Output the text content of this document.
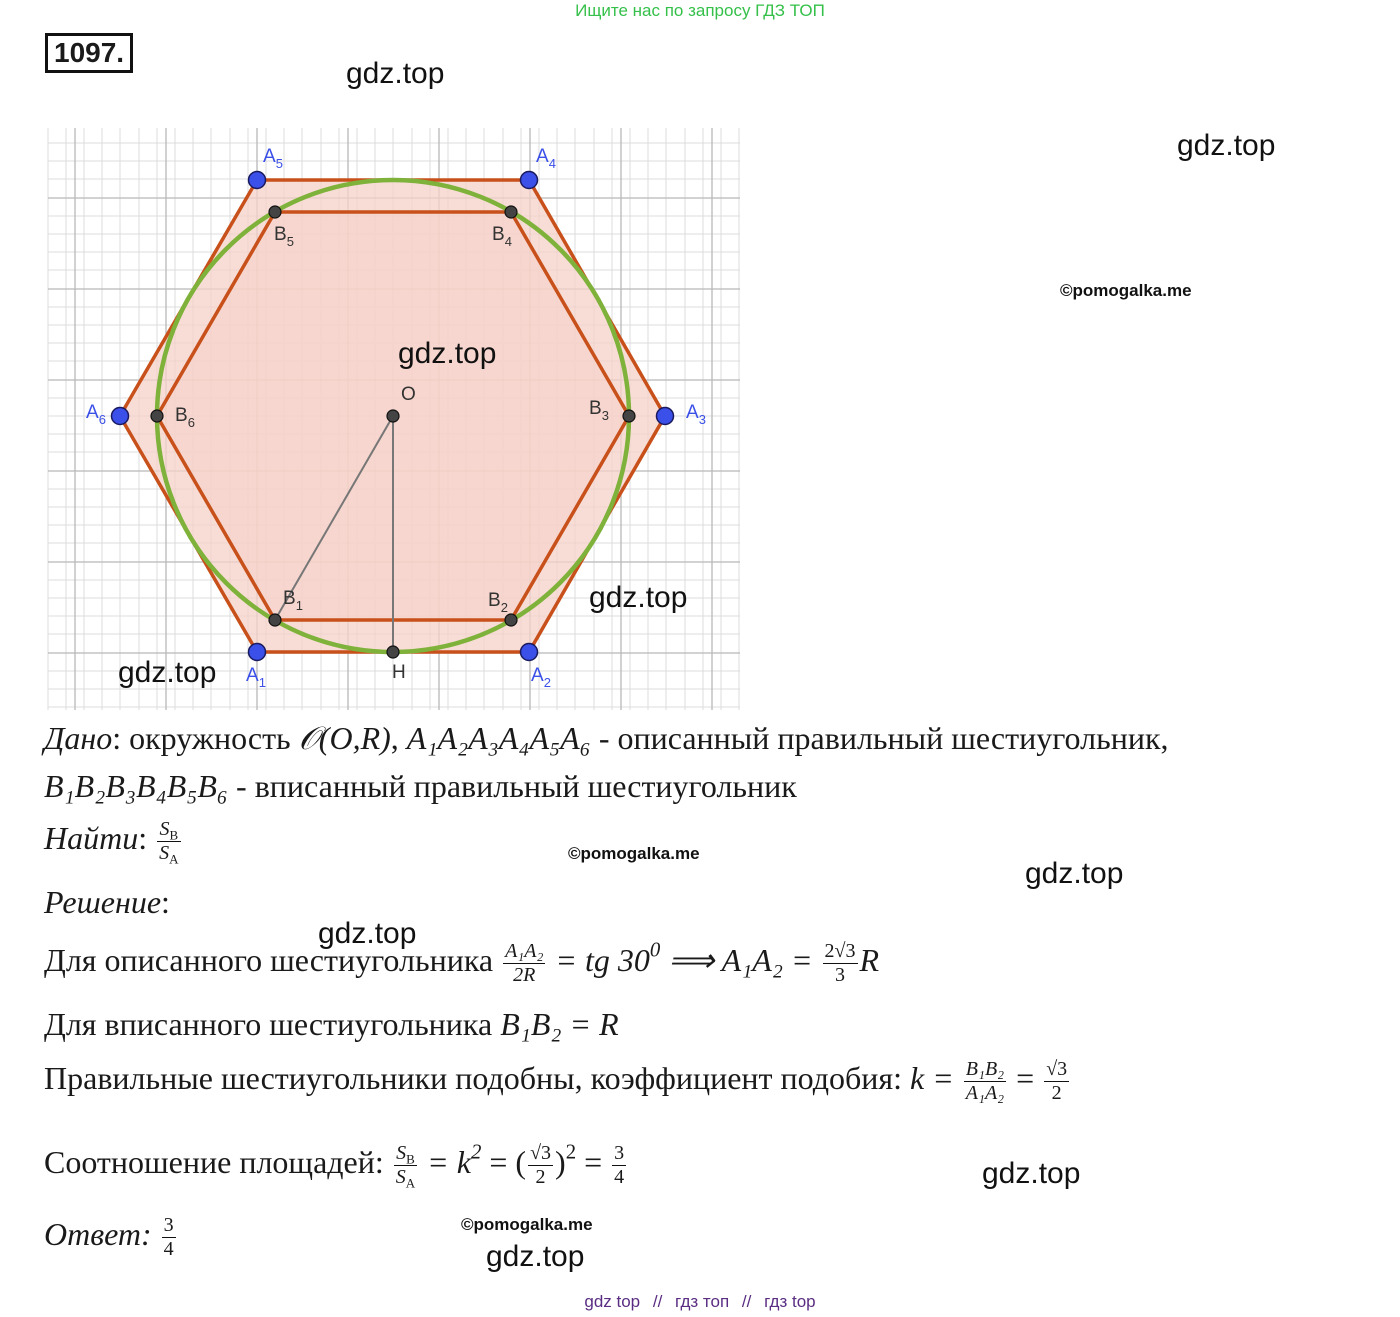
Ищите нас по запросу ГДЗ ТОП
1097.
gdz.top
gdz.top
©pomogalka.me
$A_1$	$A_2$
$A_3$
$A_4$
$A_5$
$A_6$
$B_1$	$B_2$
$B_3$
$B_4$
$B_5$
$B_6$
O
H
gdz.top
gdz.top
gdz.top
Дано: окружность 𝒪(O,R), A₁A₂A₃A₄A₅A₆ - описанный правильный шестиугольник,
B₁B₂B₃B₄B₅B₆ - вписанный правильный шестиугольник
Найти: $\frac{S_B}{S_A}$	©pomogalka.me
gdz.top
Решение:
gdz.top
Для описанного шестиугольника $\frac{\text{A₁A₂}}{2R}$ = tg $30^0$ ⟹ $A_1A_2 = \frac{2√3}{3}$ R
Для вписанного шестиугольника B₁B₂ = R
Правильные шестиугольники подобны, коэффициент подобия: $k = \frac{\text{B₁B₂}}{\text{A₁A₂}} = \frac{√3}{2}$
Соотношение площадей: $\frac{S_B}{S_A} = k^2$ = ( $\frac{√3}{2} )^2 = \frac{3}{4}$	gdz.top
Ответ: $\frac{3}{4}$	©pomogalka.me
gdz.top
gdz top // гдз топ // гдз top
